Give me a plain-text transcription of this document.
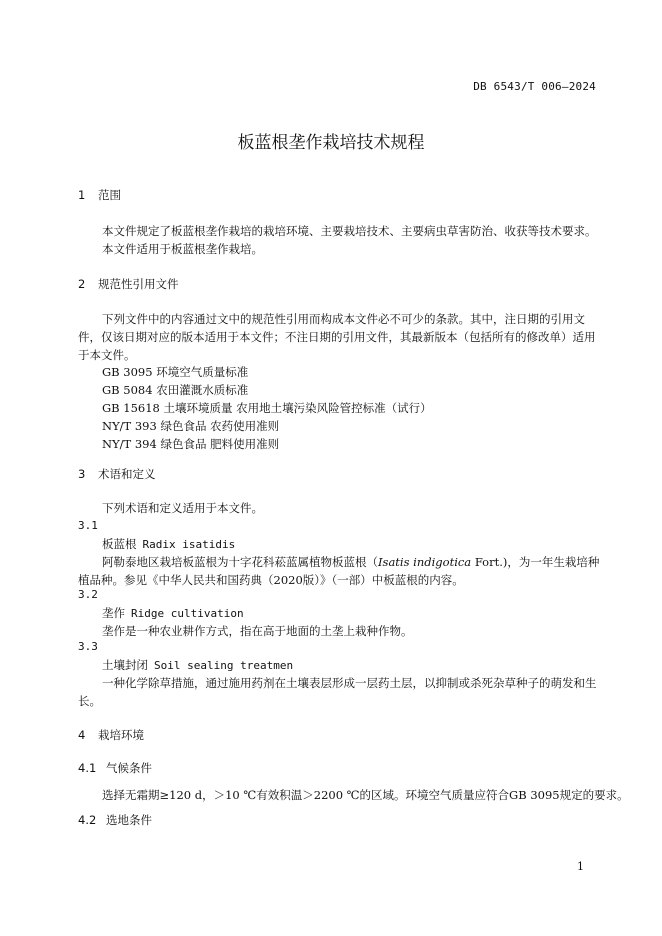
DB 6543/T 006—2024
板蓝根垄作栽培技术规程
1 范围
本文件规定了板蓝根垄作栽培的栽培环境、主要栽培技术、主要病虫草害防治、收获等技术要求。
本文件适用于板蓝根垄作栽培。
2 规范性引用文件
下列文件中的内容通过文中的规范性引用而构成本文件必不可少的条款。其中，注日期的引用文件，仅该日期对应的版本适用于本文件；不注日期的引用文件，其最新版本（包括所有的修改单）适用于本文件。
GB 3095 环境空气质量标准
GB 5084 农田灌溉水质标准
GB 15618 土壤环境质量 农用地土壤污染风险管控标准（试行）
NY/T 393 绿色食品 农药使用准则
NY/T 394 绿色食品 肥料使用准则
3 术语和定义
下列术语和定义适用于本文件。
3.1
板蓝根 Radix isatidis
阿勒泰地区栽培板蓝根为十字花科菘蓝属植物板蓝根（Isatis indigotica Fort.)，为一年生栽培种植品种。参见《中华人民共和国药典（2020版）》（一部）中板蓝根的内容。
3.2
垄作 Ridge cultivation
垄作是一种农业耕作方式，指在高于地面的土垄上栽种作物。
3.3
土壤封闭 Soil sealing treatmen
一种化学除草措施，通过施用药剂在土壤表层形成一层药土层，以抑制或杀死杂草种子的萌发和生长。
4 栽培环境
4.1 气候条件
选择无霜期≥120 d，＞10 ℃有效积温＞2200 ℃的区域。环境空气质量应符合GB 3095规定的要求。
4.2 选地条件
1
